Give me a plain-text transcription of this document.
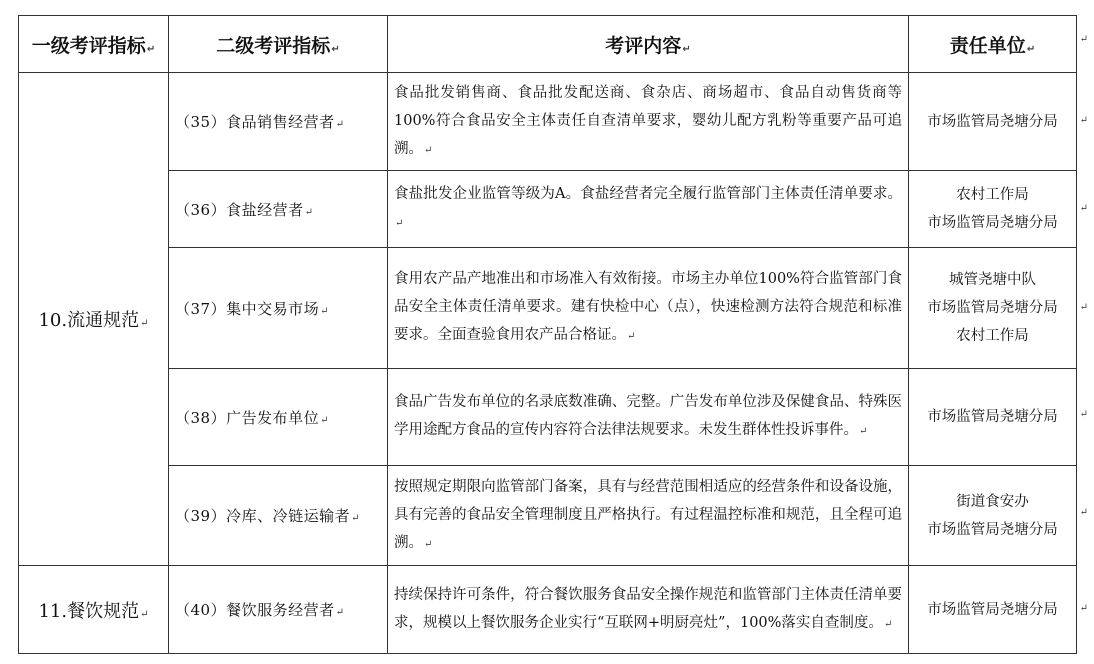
一级考评指标↵	二级考评指标↵	考评内容↵	责任单位↵
10.流通规范↵	（35）食品销售经营者↵	食品批发销售商、食品批发配送商、食杂店、商场超市、食品自动售货商等100%符合食品安全主体责任自查清单要求，婴幼儿配方乳粉等重要产品可追溯。↵	市场监管局尧塘分局

	（36）食盐经营者↵	食盐批发企业监管等级为A。食盐经营者完全履行监管部门主体责任清单要求。↵	农村工作局
市场监管局尧塘分局

	（37）集中交易市场↵	食用农产品产地准出和市场准入有效衔接。市场主办单位100%符合监管部门食品安全主体责任清单要求。建有快检中心（点），快速检测方法符合规范和标准要求。全面查验食用农产品合格证。↵	城管尧塘中队
市场监管局尧塘分局
农村工作局

	（38）广告发布单位↵	食品广告发布单位的名录底数准确、完整。广告发布单位涉及保健食品、特殊医学用途配方食品的宣传内容符合法律法规要求。未发生群体性投诉事件。↵	市场监管局尧塘分局

	（39）冷库、冷链运输者↵	按照规定期限向监管部门备案，具有与经营范围相适应的经营条件和设备设施，具有完善的食品安全管理制度且严格执行。有过程温控标准和规范，且全程可追溯。↵	街道食安办
市场监管局尧塘分局

11.餐饮规范↵	（40）餐饮服务经营者↵	持续保持许可条件，符合餐饮服务食品安全操作规范和监管部门主体责任清单要求，规模以上餐饮服务企业实行“互联网+明厨亮灶”，100%落实自查制度。↵	市场监管局尧塘分局
↵
↵
↵
↵
↵
↵
↵
